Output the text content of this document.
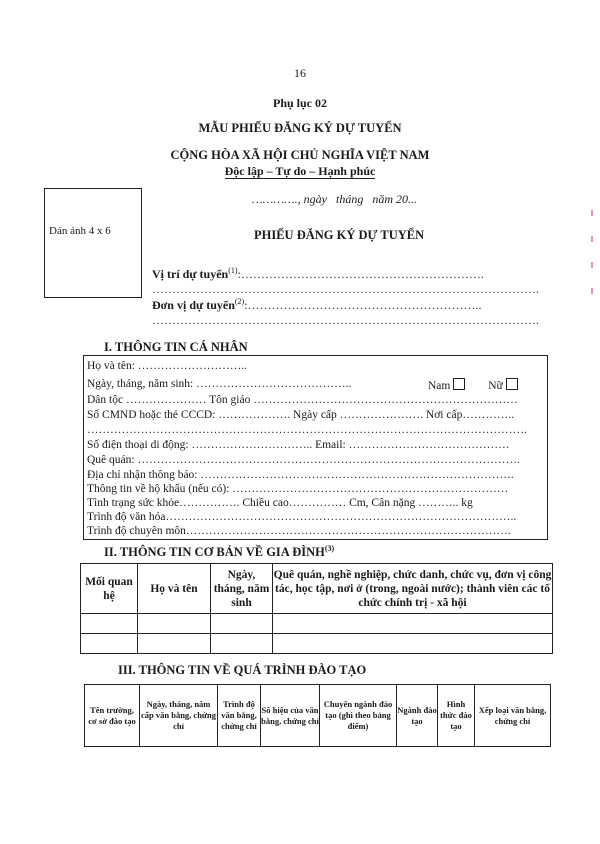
16
Phụ lục 02
MẪU PHIẾU ĐĂNG KÝ DỰ TUYỂN
CỘNG HÒA XÃ HỘI CHỦ NGHĨA VIỆT NAM
Độc lập – Tự do – Hạnh phúc
…………., ngày   tháng   năm 20...
Dán ảnh 4 x 6	PHIẾU ĐĂNG KÝ DỰ TUYỂN
Vị trí dự tuyển$^{(1)}$:…………………………………………………….
…………………………………………………………………………………….
Đơn vị dự tuyển$^{(2)}$:…………………………………………………..
…………………………………………………………………………………….
I. THÔNG TIN CÁ NHÂN
Họ và tên: ………………………..
Ngày, tháng, năm sinh: …………………………………..	Nam	Nữ
Dân tộc ………………… Tôn giáo ……………………………………………………………
Số CMND hoặc thẻ CCCD: ………………. Ngày cấp …………………. Nơi cấp…………..
…………………………………………………………………………………………………….
Số điện thoại di động: ………………………….. Email: ……………………………………
Quê quán: ……………………………………………………………………………………….
Địa chỉ nhận thông báo: ……………………………………………………………………….
Thông tin về hộ khẩu (nếu có): ………………………………………………………………
Tình trạng sức khỏe……………. Chiều cao…………… Cm, Cân nặng ……….. kg
Trình độ văn hóa………………………………………………………………………………..
Trình độ chuyên môn………………………………………………………………………….
II. THÔNG TIN CƠ BẢN VỀ GIA ĐÌNH$^{(3)}$
Mối quan hệ	Họ và tên	Ngày, tháng, năm sinh	Quê quán, nghề nghiệp, chức danh, chức vụ, đơn vị công tác, học tập, nơi ở (trong, ngoài nước); thành viên các tổ chức chính trị - xã hội

III. THÔNG TIN VỀ QUÁ TRÌNH ĐÀO TẠO
Tên trường, cơ sở đào tạo	Ngày, tháng, năm cấp văn bằng, chứng chỉ	Trình độ văn bằng, chứng chỉ	Số hiệu của văn bằng, chứng chỉ	Chuyên ngành đào tạo (ghi theo bảng điểm)	Ngành đào tạo	Hình thức đào tạo	Xếp loại văn bằng, chứng chỉ
